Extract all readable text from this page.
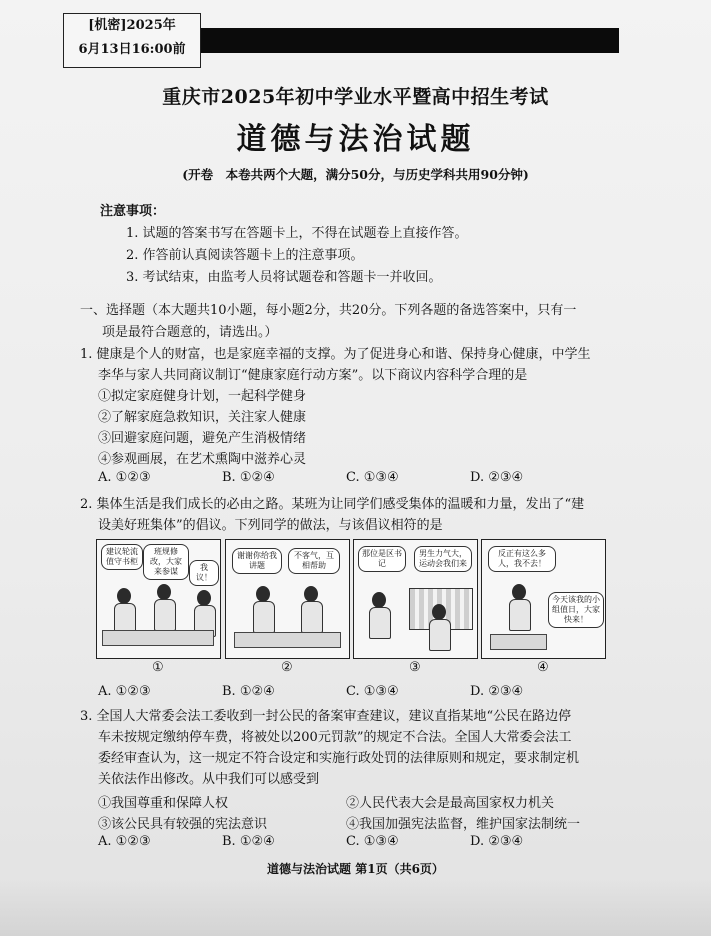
[机密]2025年
6月13日16:00前
重庆市2025年初中学业水平暨高中招生考试
道德与法治试题
(开卷　本卷共两个大题，满分50分，与历史学科共用90分钟)
注意事项：
1. 试题的答案书写在答题卡上，不得在试题卷上直接作答。
2. 作答前认真阅读答题卡上的注意事项。
3. 考试结束，由监考人员将试题卷和答题卡一并收回。
一、选择题（本大题共10小题，每小题2分，共20分。下列各题的备选答案中，只有一
项是最符合题意的，请选出。）
1. 健康是个人的财富，也是家庭幸福的支撑。为了促进身心和谐、保持身心健康，中学生
李华与家人共同商议制订“健康家庭行动方案”。以下商议内容科学合理的是
①拟定家庭健身计划，一起科学健身
②了解家庭急救知识，关注家人健康
③回避家庭问题，避免产生消极情绪
④参观画展，在艺术熏陶中滋养心灵
A. ①②③	B. ①②④	C. ①③④	D. ②③④
2. 集体生活是我们成长的必由之路。某班为让同学们感受集体的温暖和力量，发出了“建
设美好班集体”的倡议。下列同学的做法，与该倡议相符的是
建议轮流值守书柜
班规修改，大家来参谋	我议！
谢谢你给我讲题
不客气，互相帮助
那位是区书记
男生力气大，运动会我们来
反正有这么多人，我不去！
今天该我的小组值日，大家快来！
①	②	③	④
A. ①②③	B. ①②④	C. ①③④	D. ②③④
3. 全国人大常委会法工委收到一封公民的备案审查建议，建议直指某地“公民在路边停
车未按规定缴纳停车费，将被处以200元罚款”的规定不合法。全国人大常委会法工
委经审查认为，这一规定不符合设定和实施行政处罚的法律原则和规定，要求制定机
关依法作出修改。从中我们可以感受到
①我国尊重和保障人权	②人民代表大会是最高国家权力机关
③该公民具有较强的宪法意识	④我国加强宪法监督，维护国家法制统一
A. ①②③	B. ①②④	C. ①③④	D. ②③④
道德与法治试题 第1页（共6页）
